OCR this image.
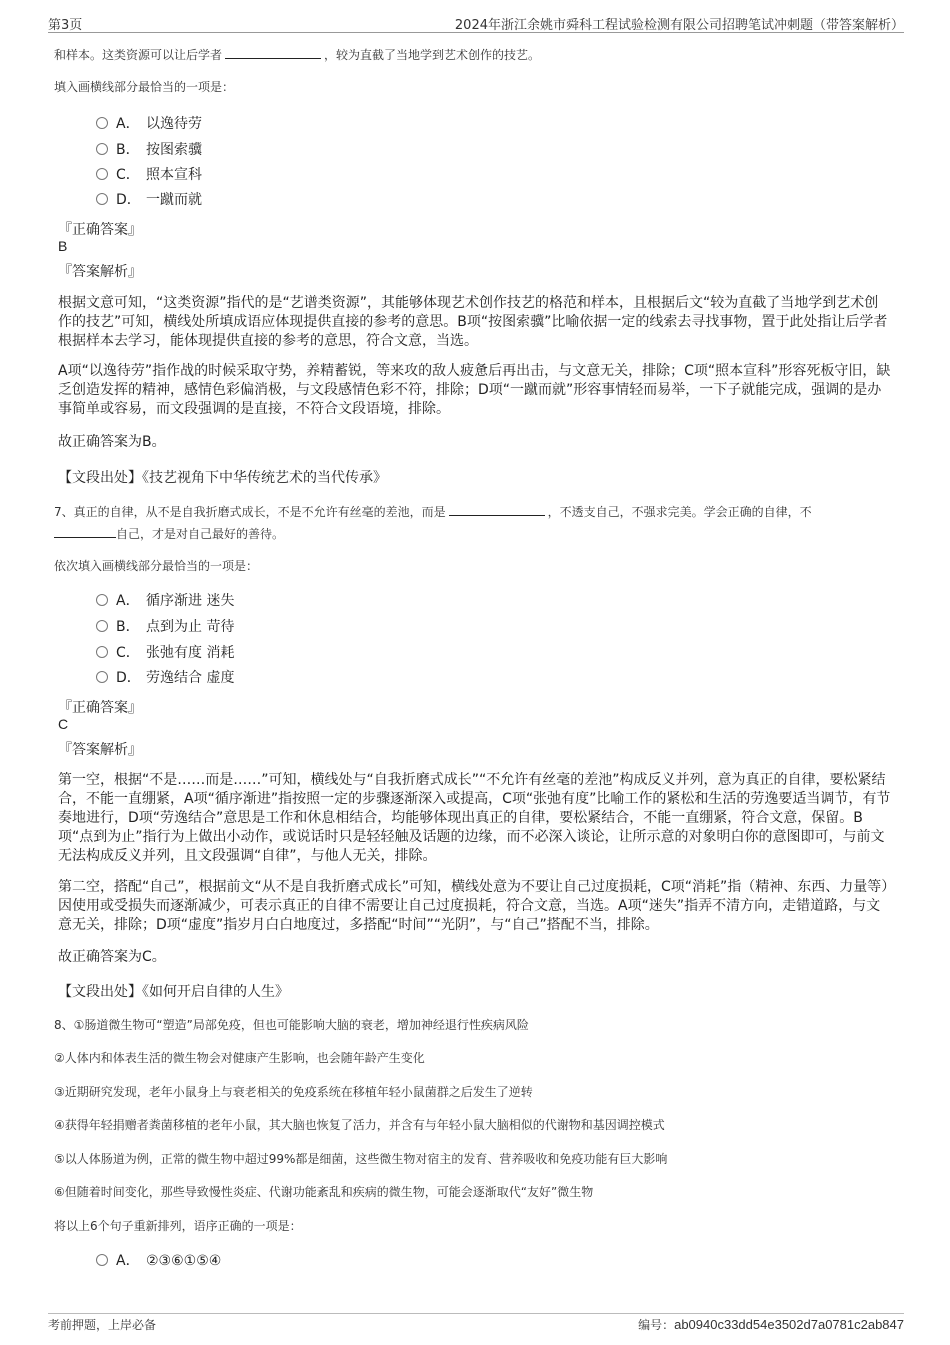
第3页	2024年浙江余姚市舜科工程试验检测有限公司招聘笔试冲刺题（带答案解析）
和样本。这类资源可以让后学者	，较为直截了当地学到艺术创作的技艺。
填入画横线部分最恰当的一项是：
A． 以逸待劳
B． 按图索骥
C． 照本宣科
D． 一蹴而就
『正确答案』
B
『答案解析』
根据文意可知，“这类资源”指代的是“艺谱类资源”，其能够体现艺术创作技艺的格范和样本，且根据后文“较为直截了当地学到艺术创作的技艺”可知，横线处所填成语应体现提供直接的参考的意思。B项“按图索骥”比喻依据一定的线索去寻找事物，置于此处指让后学者根据样本去学习，能体现提供直接的参考的意思，符合文意，当选。
A项“以逸待劳”指作战的时候采取守势，养精蓄锐，等来攻的敌人疲惫后再出击，与文意无关，排除；C项“照本宣科”形容死板守旧，缺乏创造发挥的精神，感情色彩偏消极，与文段感情色彩不符，排除；D项“一蹴而就”形容事情轻而易举，一下子就能完成，强调的是办事简单或容易，而文段强调的是直接，不符合文段语境，排除。
故正确答案为B。
【文段出处】《技艺视角下中华传统艺术的当代传承》
7、真正的自律，从不是自我折磨式成长，不是不允许有丝毫的差池，而是	，不透支自己，不强求完美。学会正确的自律，不
自己，才是对自己最好的善待。
依次填入画横线部分最恰当的一项是：
A． 循序渐进 迷失
B． 点到为止 苛待
C． 张弛有度 消耗
D． 劳逸结合 虚度
『正确答案』
C
『答案解析』
第一空，根据“不是……而是……”可知，横线处与“自我折磨式成长”“不允许有丝毫的差池”构成反义并列，意为真正的自律，要松紧结合，不能一直绷紧，A项“循序渐进”指按照一定的步骤逐渐深入或提高，C项“张弛有度”比喻工作的紧松和生活的劳逸要适当调节，有节奏地进行，D项“劳逸结合”意思是工作和休息相结合，均能够体现出真正的自律，要松紧结合，不能一直绷紧，符合文意，保留。B项“点到为止”指行为上做出小动作，或说话时只是轻轻触及话题的边缘，而不必深入谈论，让所示意的对象明白你的意图即可，与前文无法构成反义并列，且文段强调“自律”，与他人无关，排除。
第二空，搭配“自己”，根据前文“从不是自我折磨式成长”可知，横线处意为不要让自己过度损耗，C项“消耗”指（精神、东西、力量等）因使用或受损失而逐渐减少，可表示真正的自律不需要让自己过度损耗，符合文意，当选。A项“迷失”指弄不清方向，走错道路，与文意无关，排除；D项“虚度”指岁月白白地度过，多搭配“时间”“光阴”，与“自己”搭配不当，排除。
故正确答案为C。
【文段出处】《如何开启自律的人生》
8、①肠道微生物可“塑造”局部免疫，但也可能影响大脑的衰老，增加神经退行性疾病风险
②人体内和体表生活的微生物会对健康产生影响，也会随年龄产生变化
③近期研究发现，老年小鼠身上与衰老相关的免疫系统在移植年轻小鼠菌群之后发生了逆转
④获得年轻捐赠者粪菌移植的老年小鼠，其大脑也恢复了活力，并含有与年轻小鼠大脑相似的代谢物和基因调控模式
⑤以人体肠道为例，正常的微生物中超过99%都是细菌，这些微生物对宿主的发育、营养吸收和免疫功能有巨大影响
⑥但随着时间变化，那些导致慢性炎症、代谢功能紊乱和疾病的微生物，可能会逐渐取代“友好”微生物
将以上6个句子重新排列，语序正确的一项是：
A． ②③⑥①⑤④
考前押题，上岸必备	编号：ab0940c33dd54e3502d7a0781c2ab847
